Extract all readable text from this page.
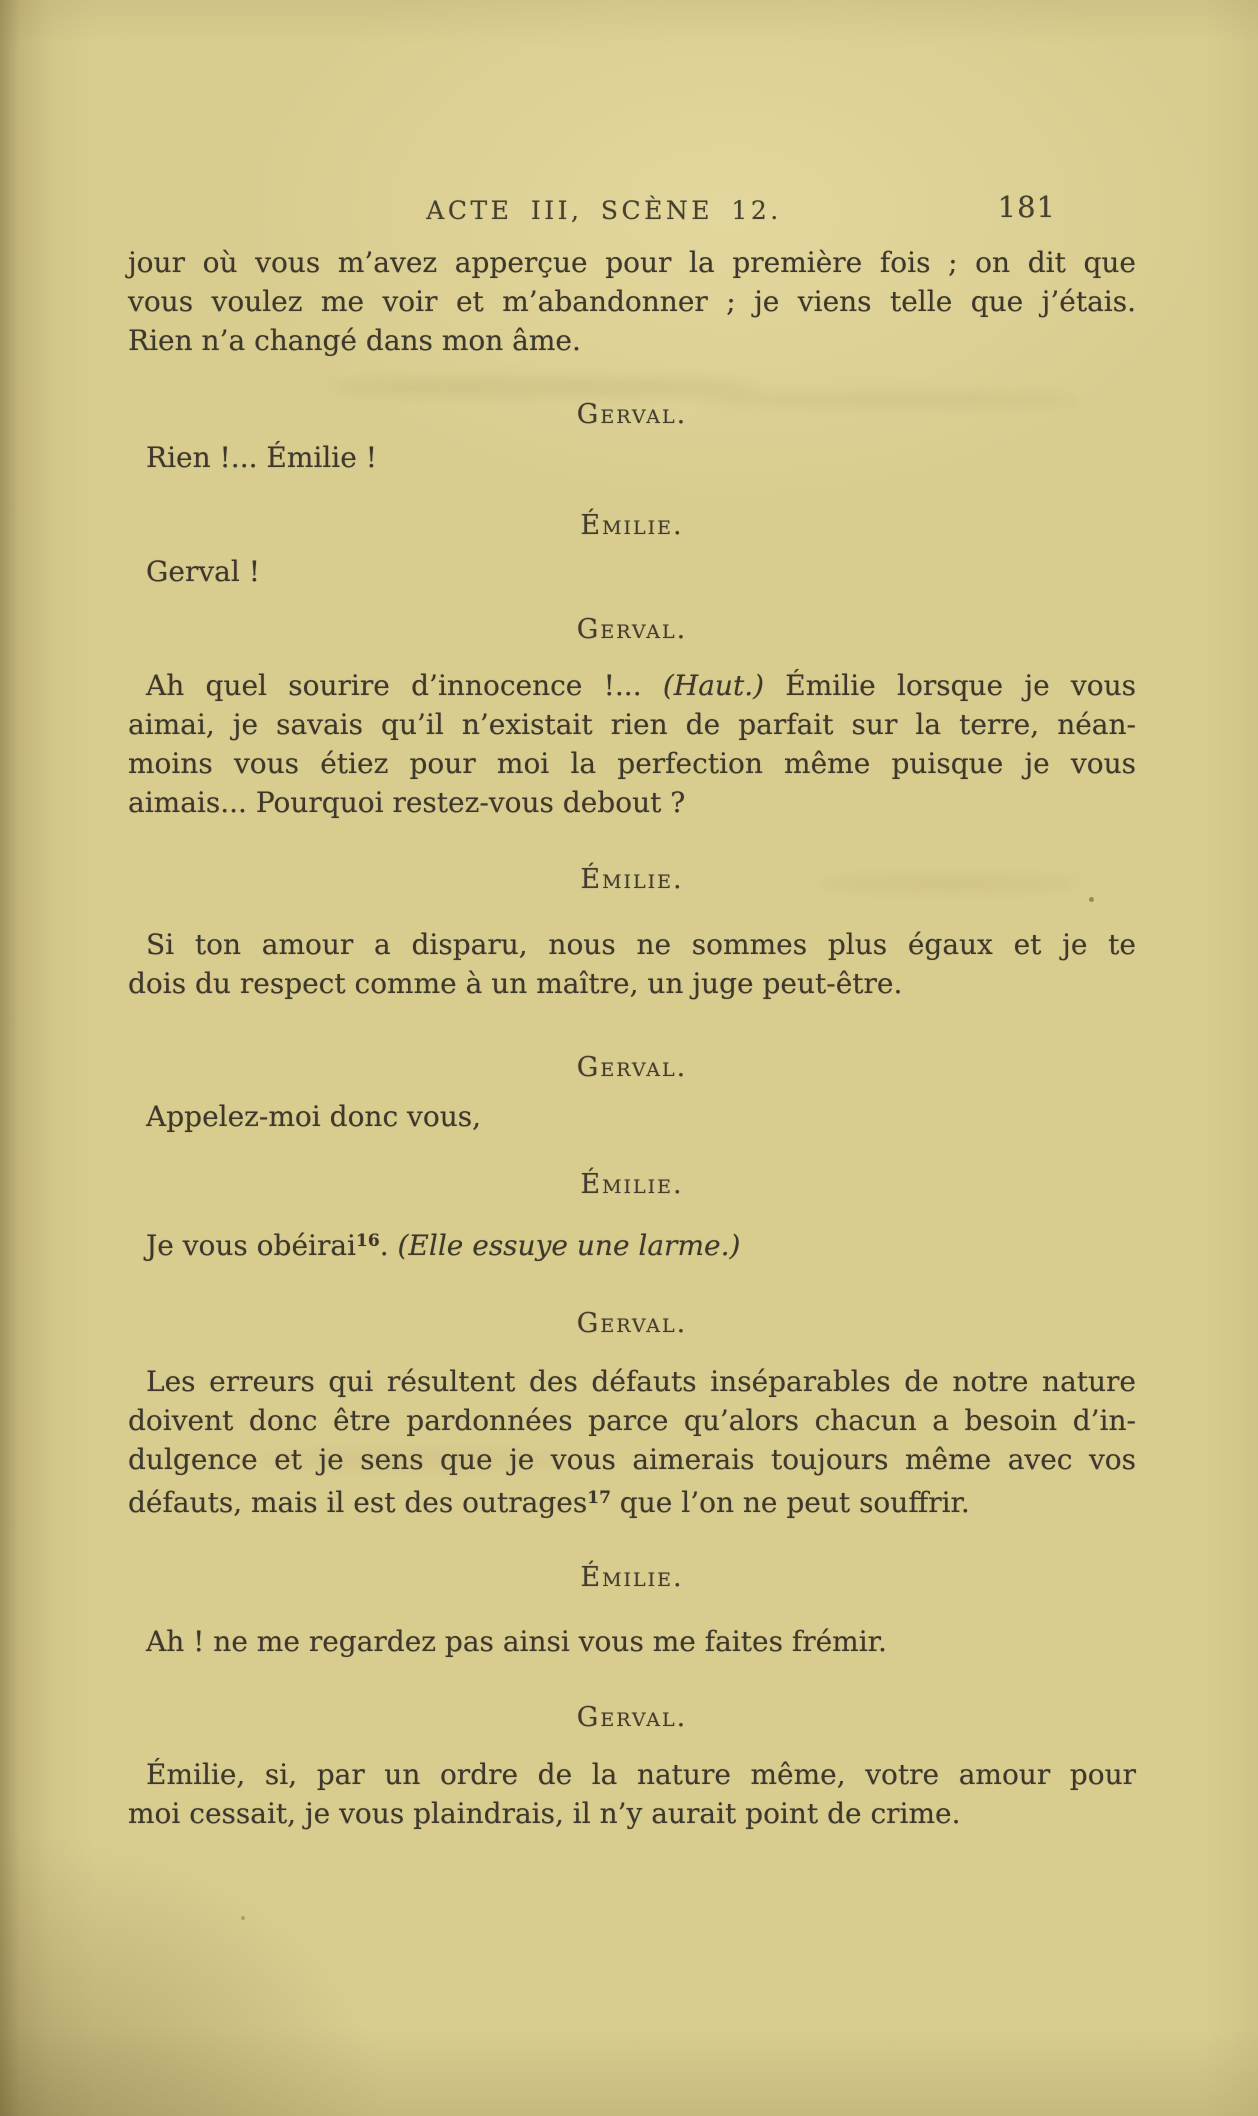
ACTE III, SCÈNE 12.	181
jour où vous m’avez apperçue pour la première fois ; on dit que
vous voulez me voir et m’abandonner ; je viens telle que j’étais.
Rien n’a changé dans mon âme.
Gerval.
Rien !... Émilie !
Émilie.
Gerval !
Gerval.
Ah quel sourire d’innocence !... (Haut.) Émilie lorsque je vous
aimai, je savais qu’il n’existait rien de parfait sur la terre, néan-
moins vous étiez pour moi la perfection même puisque je vous
aimais... Pourquoi restez-vous debout ?
Émilie.
Si ton amour a disparu, nous ne sommes plus égaux et je te
dois du respect comme à un maître, un juge peut-être.
Gerval.
Appelez-moi donc vous,
Émilie.
Je vous obéirai$^{16}$. (Elle essuye une larme.)
Gerval.
Les erreurs qui résultent des défauts inséparables de notre nature
doivent donc être pardonnées parce qu’alors chacun a besoin d’in-
dulgence et je sens que je vous aimerais toujours même avec vos
défauts, mais il est des outrages$^{17}$ que l’on ne peut souffrir.
Émilie.
Ah ! ne me regardez pas ainsi vous me faites frémir.
Gerval.
Émilie, si, par un ordre de la nature même, votre amour pour
moi cessait, je vous plaindrais, il n’y aurait point de crime.
